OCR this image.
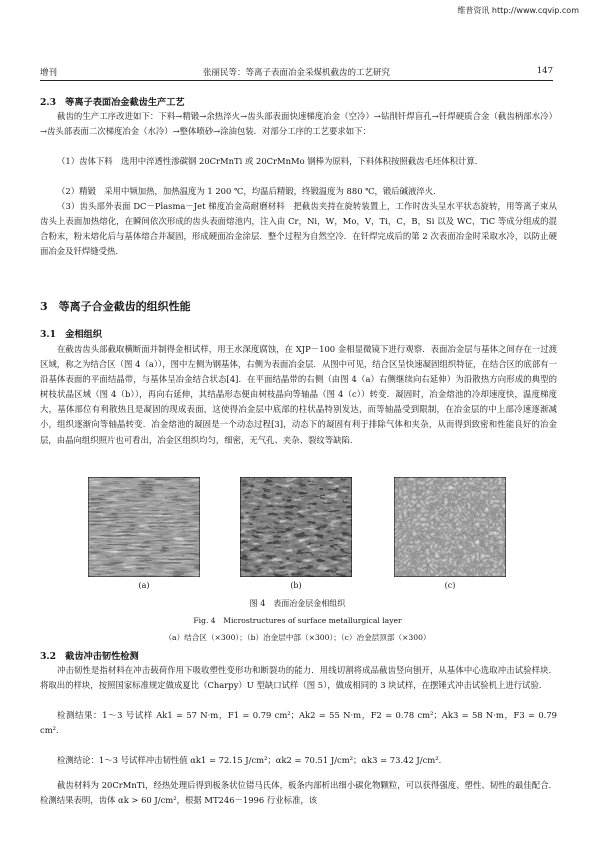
维普资讯 http://www.cqvip.com
增刊	张丽民等：等离子表面冶金采煤机截齿的工艺研究	147
2.3　等离子表面冶金截齿生产工艺

截齿的生产工序改进如下：下料→精锻→余热淬火→齿头部表面快速梯度冶金（空冷）→钻削钎焊盲孔→钎焊硬质合金（截齿柄部水冷）→齿头部表面二次梯度冶金（水冷）→整体喷砂→涂油包装．对部分工序的工艺要求如下：

（1）齿体下料　选用中淬透性渗碳钢 20CrMnTi 或 20CrMnMo 钢棒为原料，下料体积按照截齿毛坯体积计算．

（2）精锻　采用中频加热，加热温度为 1 200 ℃，均温后精锻，终锻温度为 880 ℃，锻后碱液淬火．

（3）齿头部外表面 DC－Plasma－Jet 梯度冶金高耐磨材料　把截齿夹持在旋转装置上，工作时齿头呈水平状态旋转，用等离子束从齿头上表面加热熔化，在瞬间依次形成的齿头表面熔池内，注入由 Cr，Ni，W，Mo，V，Ti，C，B，Si 以及 WC，TiC 等成分组成的混合粉末，粉末熔化后与基体熔合并凝固，形成硬面冶金涂层．整个过程为自然空冷．在钎焊完成后的第 2 次表面冶金时采取水冷，以防止硬面冶金及钎焊缝受热．

3　等离子合金截齿的组织性能
3.1　金相组织

在截齿齿头部截取横断面并制得金相试样，用王水深度腐蚀，在 XJP－100 金相显微镜下进行观察．表面冶金层与基体之间存在一过渡区域，称之为结合区（图 4（a）），图中左侧为钢基体，右侧为表面冶金层．从图中可见，结合区呈快速凝固组织特征，在结合区的底部有一沿基体表面的平面结晶带，与基体呈冶金结合状态[4]．在平面结晶带的右侧（由图 4（a）右侧继续向右延伸）为沿散热方向形成的典型的树枝状晶区域（图 4（b）），再向右延伸，其结晶形态便由树枝晶向等轴晶（图 4（c））转变．凝固时，冶金熔池的冷却速度快，温度梯度大，基体部位有利散热且是凝固的现成表面，这使得冶金层中底部的柱状晶特别发达，而等轴晶受到限制，在冶金层的中上部冷速逐渐减小，组织逐渐向等轴晶转变．冶金熔池的凝固是一个动态过程[3]，动态下的凝固有利于排除气体和夹杂，从而得到致密和性能良好的冶金层，由晶向组织照片也可看出，冶金区组织均匀，细密，无气孔、夹杂、裂纹等缺陷．

(a)	(b)	(c)
图 4　表面冶金层金相组织
Fig. 4　Microstructures of surface metallurgical layer
（a）结合区（×300）；（b）冶金层中部（×300）；（c）冶金层顶部（×300）
3.2　截齿冲击韧性检测

冲击韧性是指材料在冲击载荷作用下吸收塑性变形功和断裂功的能力．用线切割将成品截齿竖向刨开，从基体中心选取冲击试验样块．将取出的样块，按照国家标准规定做成夏比（Charpy）U 型缺口试样（图 5），做成相同的 3 块试样，在摆锤式冲击试验机上进行试验．

检测结果：1～3 号试样 Ak1 = 57 N·m，F1 = 0.79 cm²；Ak2 = 55 N·m，F2 = 0.78 cm²；Ak3 = 58 N·m，F3 = 0.79 cm²．

检测结论：1～3 号试样冲击韧性值 αk1 = 72.15 J/cm²；αk2 = 70.51 J/cm²；αk3 = 73.42 J/cm²．

截齿材料为 20CrMnTi，经热处理后得到板条状位错马氏体，板条内部析出细小碳化物颗粒，可以获得强度、塑性、韧性的最佳配合．检测结果表明，齿体 αk > 60 J/cm²，根据 MT246－1996 行业标准，该
